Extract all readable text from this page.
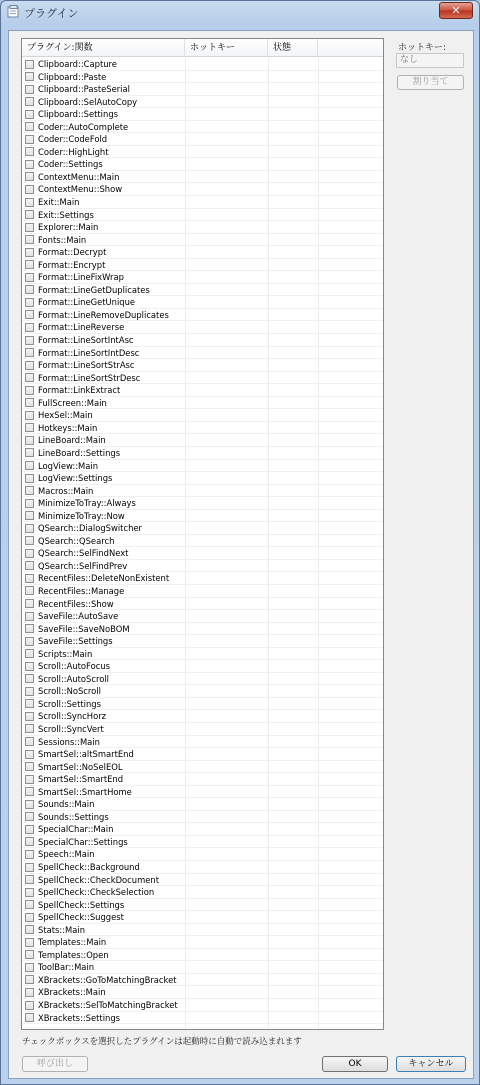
プラグイン	✕
プラグイン:関数	ホットキー	状態
Clipboard::Capture
Clipboard::Paste
Clipboard::PasteSerial
Clipboard::SelAutoCopy
Clipboard::Settings
Coder::AutoComplete
Coder::CodeFold
Coder::HighLight
Coder::Settings
ContextMenu::Main
ContextMenu::Show
Exit::Main
Exit::Settings
Explorer::Main
Fonts::Main
Format::Decrypt
Format::Encrypt
Format::LineFixWrap
Format::LineGetDuplicates
Format::LineGetUnique
Format::LineRemoveDuplicates
Format::LineReverse
Format::LineSortIntAsc
Format::LineSortIntDesc
Format::LineSortStrAsc
Format::LineSortStrDesc
Format::LinkExtract
FullScreen::Main
HexSel::Main
Hotkeys::Main
LineBoard::Main
LineBoard::Settings
LogView::Main
LogView::Settings
Macros::Main
MinimizeToTray::Always
MinimizeToTray::Now
QSearch::DialogSwitcher
QSearch::QSearch
QSearch::SelFindNext
QSearch::SelFindPrev
RecentFiles::DeleteNonExistent
RecentFiles::Manage
RecentFiles::Show
SaveFile::AutoSave
SaveFile::SaveNoBOM
SaveFile::Settings
Scripts::Main
Scroll::AutoFocus
Scroll::AutoScroll
Scroll::NoScroll
Scroll::Settings
Scroll::SyncHorz
Scroll::SyncVert
Sessions::Main
SmartSel::altSmartEnd
SmartSel::NoSelEOL
SmartSel::SmartEnd
SmartSel::SmartHome
Sounds::Main
Sounds::Settings
SpecialChar::Main
SpecialChar::Settings
Speech::Main
SpellCheck::Background
SpellCheck::CheckDocument
SpellCheck::CheckSelection
SpellCheck::Settings
SpellCheck::Suggest
Stats::Main
Templates::Main
Templates::Open
ToolBar::Main
XBrackets::GoToMatchingBracket
XBrackets::Main
XBrackets::SelToMatchingBracket
XBrackets::Settings
ホットキー:
なし
割り当て
チェックボックスを選択したプラグインは起動時に自動で読み込まれます
呼び出し	OK	キャンセル
